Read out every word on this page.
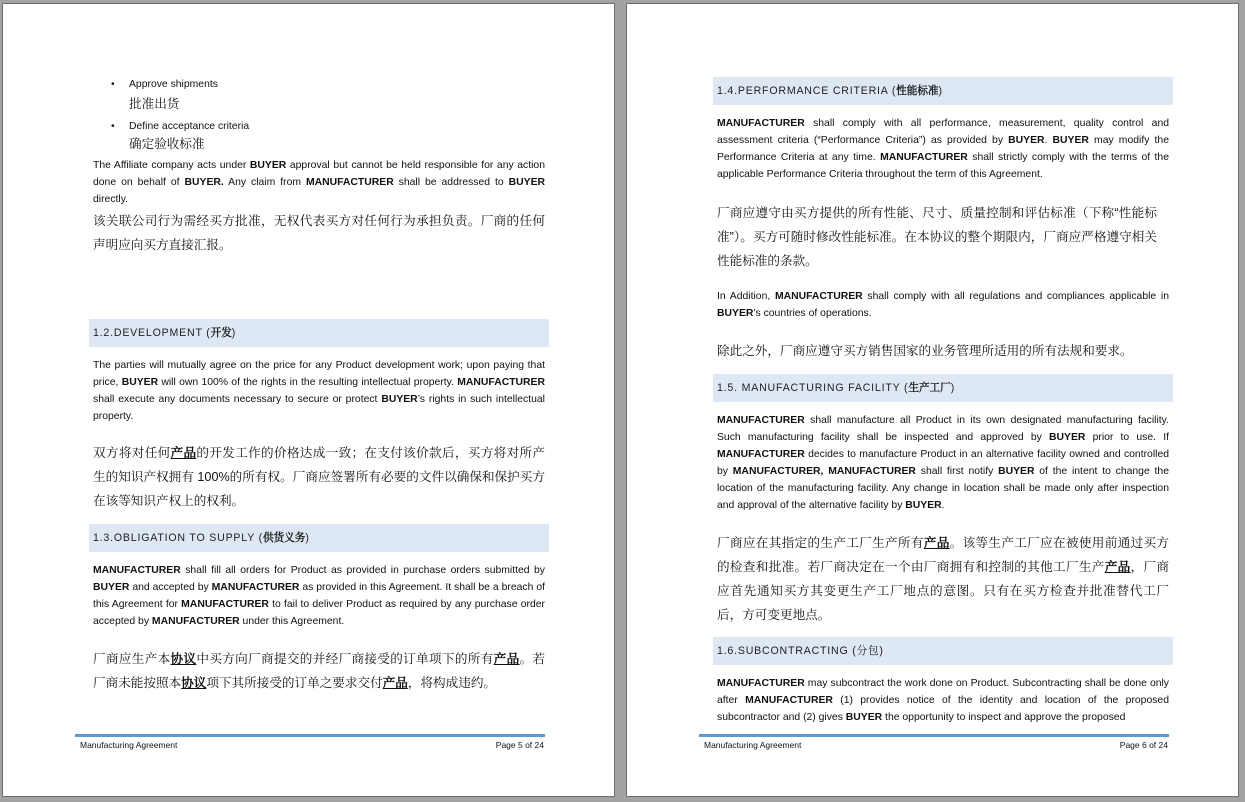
• Approve shipments
批准出货
• Define acceptance criteria
确定验收标准
The Affiliate company acts under BUYER approval but cannot be held responsible for any action done on behalf of BUYER. Any claim from MANUFACTURER shall be addressed to BUYER directly.
该关联公司行为需经买方批准，无权代表买方对任何行为承担负责。厂商的任何声明应向买方直接汇报。
1.2.DEVELOPMENT (开发)
The parties will mutually agree on the price for any Product development work; upon paying that price, BUYER will own 100% of the rights in the resulting intellectual property. MANUFACTURER shall execute any documents necessary to secure or protect BUYER’s rights in such intellectual property.
双方将对任何产品的开发工作的价格达成一致；在支付该价款后，买方将对所产生的知识产权拥有 100%的所有权。厂商应签署所有必要的文件以确保和保护买方在该等知识产权上的权利。
1.3.OBLIGATION TO SUPPLY (供货义务)
MANUFACTURER shall fill all orders for Product as provided in purchase orders submitted by BUYER and accepted by MANUFACTURER as provided in this Agreement. It shall be a breach of this Agreement for MANUFACTURER to fail to deliver Product as required by any purchase order accepted by MANUFACTURER under this Agreement.
厂商应生产本协议中买方向厂商提交的并经厂商接受的订单项下的所有产品。若厂商未能按照本协议项下其所接受的订单之要求交付产品，将构成违约。
Manufacturing Agreement	Page 5 of 24
1.4.PERFORMANCE CRITERIA (性能标准)
MANUFACTURER shall comply with all performance, measurement, quality control and assessment criteria (“Performance Criteria”) as provided by BUYER. BUYER may modify the Performance Criteria at any time. MANUFACTURER shall strictly comply with the terms of the applicable Performance Criteria throughout the term of this Agreement.
厂商应遵守由买方提供的所有性能、尺寸、质量控制和评估标准（下称“性能标准”）。买方可随时修改性能标准。在本协议的整个期限内，厂商应严格遵守相关性能标准的条款。
In Addition, MANUFACTURER shall comply with all regulations and compliances applicable in BUYER’s countries of operations.
除此之外，厂商应遵守买方销售国家的业务管理所适用的所有法规和要求。
1.5. MANUFACTURING FACILITY (生产工厂)
MANUFACTURER shall manufacture all Product in its own designated manufacturing facility. Such manufacturing facility shall be inspected and approved by BUYER prior to use. If MANUFACTURER decides to manufacture Product in an alternative facility owned and controlled by MANUFACTURER, MANUFACTURER shall first notify BUYER of the intent to change the location of the manufacturing facility. Any change in location shall be made only after inspection and approval of the alternative facility by BUYER.
厂商应在其指定的生产工厂生产所有产品。该等生产工厂应在被使用前通过买方的检查和批准。若厂商决定在一个由厂商拥有和控制的其他工厂生产产品，厂商应首先通知买方其变更生产工厂地点的意图。只有在买方检查并批准替代工厂后，方可变更地点。
1.6.SUBCONTRACTING (分包)
MANUFACTURER may subcontract the work done on Product. Subcontracting shall be done only after MANUFACTURER (1) provides notice of the identity and location of the proposed subcontractor and (2) gives BUYER the opportunity to inspect and approve the proposed
Manufacturing Agreement	Page 6 of 24
